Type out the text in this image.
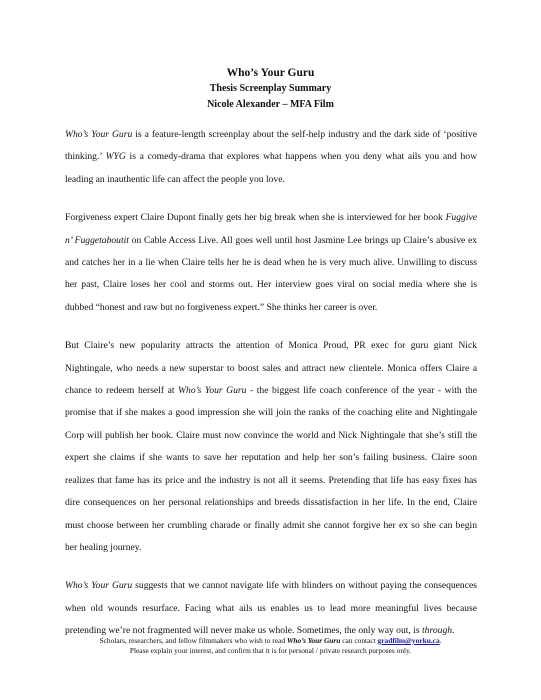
Who’s Your Guru

Thesis Screenplay Summary

Nicole Alexander – MFA Film

Who’s Your Guru is a feature-length screenplay about the self-help industry and the dark side of ‘positive thinking.’ WYG is a comedy-drama that explores what happens when you deny what ails you and how leading an inauthentic life can affect the people you love.

Forgiveness expert Claire Dupont finally gets her big break when she is interviewed for her book Fuggive n’ Fuggetaboutit on Cable Access Live. All goes well until host Jasmine Lee brings up Claire’s abusive ex and catches her in a lie when Claire tells her he is dead when he is very much alive. Unwilling to discuss her past, Claire loses her cool and storms out. Her interview goes viral on social media where she is dubbed “honest and raw but no forgiveness expert.” She thinks her career is over.

But Claire’s new popularity attracts the attention of Monica Proud, PR exec for guru giant Nick Nightingale, who needs a new superstar to boost sales and attract new clientele. Monica offers Claire a chance to redeem herself at Who’s Your Guru - the biggest life coach conference of the year - with the promise that if she makes a good impression she will join the ranks of the coaching elite and Nightingale Corp will publish her book. Claire must now convince the world and Nick Nightingale that she’s still the expert she claims if she wants to save her reputation and help her son’s failing business. Claire soon realizes that fame has its price and the industry is not all it seems. Pretending that life has easy fixes has dire consequences on her personal relationships and breeds dissatisfaction in her life. In the end, Claire must choose between her crumbling charade or finally admit she cannot forgive her ex so she can begin her healing journey.

Who’s Your Guru suggests that we cannot navigate life with blinders on without paying the consequences when old wounds resurface. Facing what ails us enables us to lead more meaningful lives because pretending we’re not fragmented will never make us whole. Sometimes, the only way out, is through.

Scholars, researchers, and fellow filmmakers who wish to read Who’s Your Guru can contact gradfilm@yorku.ca.
Please explain your interest, and confirm that it is for personal / private research purposes only.
